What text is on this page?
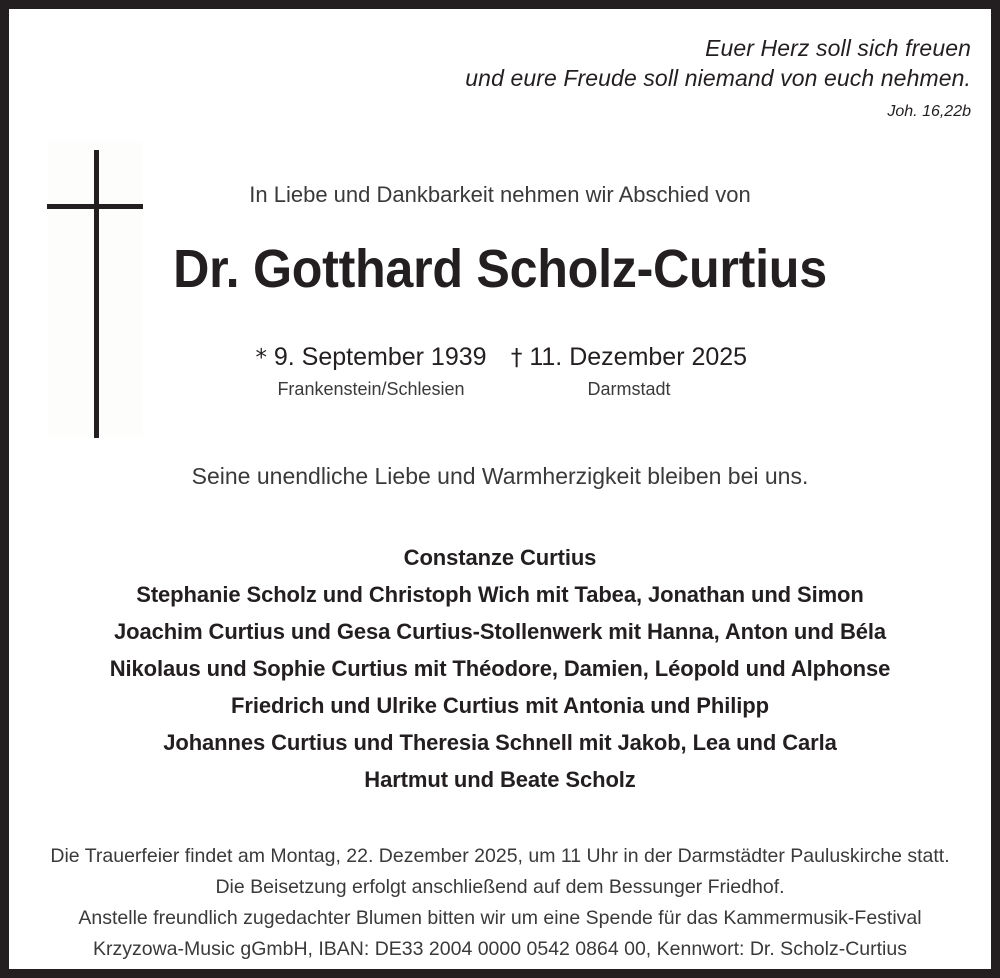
Euer Herz soll sich freuen
und eure Freude soll niemand von euch nehmen.
Joh. 16,22b
In Liebe und Dankbarkeit nehmen wir Abschied von
Dr. Gotthard Scholz-Curtius
* 9. September 1939
Frankenstein/Schlesien
† 11. Dezember 2025
Darmstadt
Seine unendliche Liebe und Warmherzigkeit bleiben bei uns.
Constanze Curtius
Stephanie Scholz und Christoph Wich mit Tabea, Jonathan und Simon
Joachim Curtius und Gesa Curtius-Stollenwerk mit Hanna, Anton und Béla
Nikolaus und Sophie Curtius mit Théodore, Damien, Léopold und Alphonse
Friedrich und Ulrike Curtius mit Antonia und Philipp
Johannes Curtius und Theresia Schnell mit Jakob, Lea und Carla
Hartmut und Beate Scholz
Die Trauerfeier findet am Montag, 22. Dezember 2025, um 11 Uhr in der Darmstädter Pauluskirche statt.
Die Beisetzung erfolgt anschließend auf dem Bessunger Friedhof.
Anstelle freundlich zugedachter Blumen bitten wir um eine Spende für das Kammermusik-Festival
Krzyzowa-Music gGmbH, IBAN: DE33 2004 0000 0542 0864 00, Kennwort: Dr. Scholz-Curtius
